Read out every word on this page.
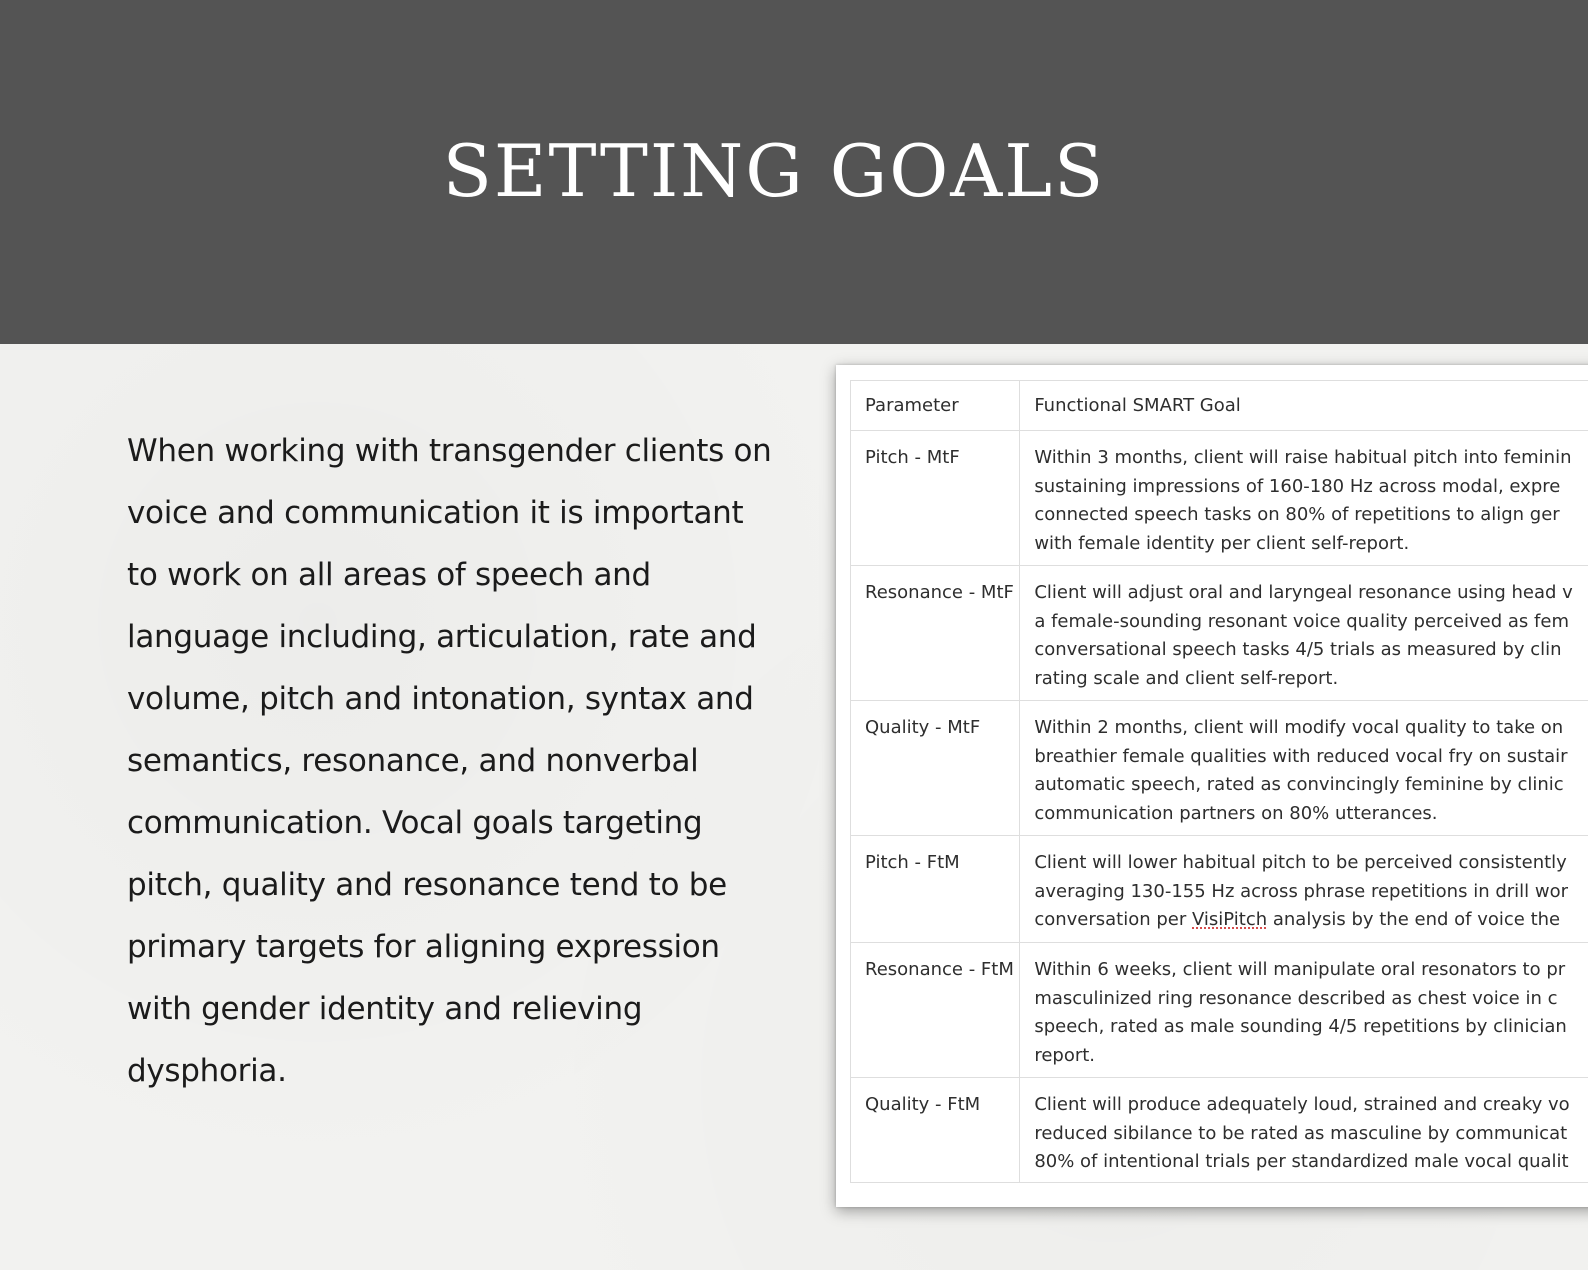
SETTING GOALS

When working with transgender clients on voice and communication it is important to work on all areas of speech and language including, articulation, rate and volume, pitch and intonation, syntax and semantics, resonance, and nonverbal communication. Vocal goals targeting pitch, quality and resonance tend to be primary targets for aligning expression with gender identity and relieving dysphoria.

Parameter	Functional SMART Goal

Pitch - MtF	Within 3 months, client will raise habitual pitch into feminin
sustaining impressions of 160-180 Hz across modal, expre
connected speech tasks on 80% of repetitions to align ger
with female identity per client self-report.

Resonance - MtF	Client will adjust oral and laryngeal resonance using head v
a female-sounding resonant voice quality perceived as fem
conversational speech tasks 4/5 trials as measured by clin
rating scale and client self-report.

Quality - MtF	Within 2 months, client will modify vocal quality to take on
breathier female qualities with reduced vocal fry on sustair
automatic speech, rated as convincingly feminine by clinic
communication partners on 80% utterances.

Pitch - FtM	Client will lower habitual pitch to be perceived consistently
averaging 130-155 Hz across phrase repetitions in drill wor
conversation per VisiPitch analysis by the end of voice the

Resonance - FtM	Within 6 weeks, client will manipulate oral resonators to pr
masculinized ring resonance described as chest voice in c
speech, rated as male sounding 4/5 repetitions by clinician
report.

Quality - FtM	Client will produce adequately loud, strained and creaky vo
reduced sibilance to be rated as masculine by communicat
80% of intentional trials per standardized male vocal qualit
